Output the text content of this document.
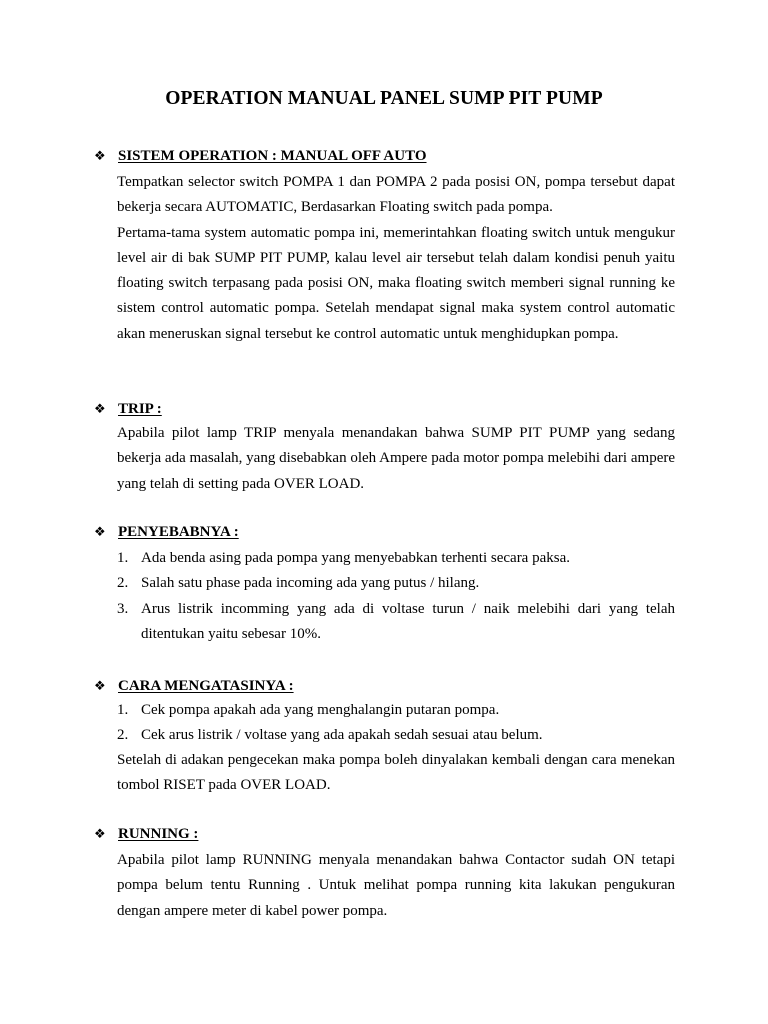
OPERATION MANUAL PANEL SUMP PIT PUMP
❖ SISTEM OPERATION : MANUAL OFF AUTO
Tempatkan selector switch POMPA 1 dan POMPA 2 pada posisi ON, pompa tersebut dapat bekerja secara AUTOMATIC, Berdasarkan Floating switch pada pompa.
Pertama-tama system automatic pompa ini, memerintahkan floating switch untuk mengukur level air di bak SUMP PIT PUMP, kalau level air tersebut telah dalam kondisi penuh yaitu floating switch terpasang pada posisi ON, maka floating switch memberi signal running ke sistem control automatic pompa. Setelah mendapat signal maka system control automatic akan meneruskan signal tersebut ke control automatic untuk menghidupkan pompa.
❖ TRIP :
Apabila pilot lamp TRIP menyala menandakan bahwa SUMP PIT PUMP yang sedang bekerja ada masalah, yang disebabkan oleh Ampere pada motor pompa melebihi dari ampere yang telah di setting pada OVER LOAD.
❖ PENYEBABNYA :
1. Ada benda asing pada pompa yang menyebabkan terhenti secara paksa.
2. Salah satu phase pada incoming ada yang putus / hilang.
3. Arus listrik incomming yang ada di voltase turun / naik melebihi dari yang telah ditentukan yaitu sebesar 10%.
❖ CARA MENGATASINYA :
1. Cek pompa apakah ada yang menghalangin putaran pompa.
2. Cek arus listrik / voltase yang ada apakah sedah sesuai atau belum.
Setelah di adakan pengecekan maka pompa boleh dinyalakan kembali dengan cara menekan tombol RISET pada OVER LOAD.
❖ RUNNING :
Apabila pilot lamp RUNNING menyala menandakan bahwa Contactor sudah ON tetapi pompa belum tentu Running . Untuk melihat pompa running kita lakukan pengukuran dengan ampere meter di kabel power pompa.
